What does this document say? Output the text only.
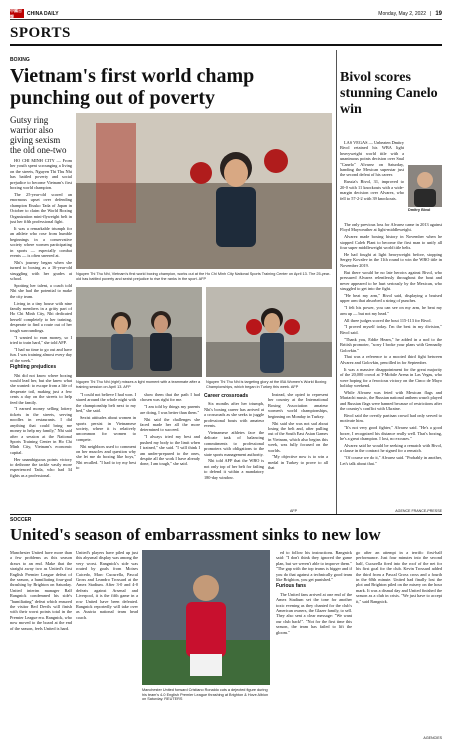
中國日報	CHINA DAILY	Monday, May 2, 2022 | 19
SPORTS
BOXING
Vietnam's first world champ punching out of poverty
Nguyen Thi Thu Nhi, Vietnam's first world boxing champion, works out at the Ho Chi Minh City National Sports Training Center on April 13. The 25-year-old has battled poverty and sexist prejudice to rise the ranks in the sport. AFP
Gutsy ring warrior also giving sexism the old one-two

HO CHI MINH CITY — From her youth spent scrounging a living on the streets, Nguyen Thi Thu Nhi has battled poverty and social prejudice to become Vietnam's first boxing world champion.

The 25-year-old scored an enormous upset over defending champion Etsuko Tada of Japan in October to claim the World Boxing Organization mini-flyweight belt in just her fifth professional fight.

It was a remarkable triumph for an athlete who rose from humble beginnings in a conservative society where women participating in sports — especially combat events — is often sneered at.

Nhi's journey began when she turned to boxing as a 16-year-old struggling with her grades at school.

Spotting her talent, a coach told Nhi she had the potential to make the city team.

Living in a tiny house with nine family members in a gritty part of Ho Chi Minh City, Nhi dedicated herself completely to her training, desperate to find a route out of her tough surroundings.

"I wanted to earn money, so I tried to train hard," she told AFP.

"I had no time to go out and have fun. I was training almost every day of the week."

Fighting prejudices

Nhi did not know where boxing would lead her, but she knew what she wanted: to escape from a life of desperate toil, making just a few cents a day on the streets to help feed the family.

"I earned money selling lottery tickets in the streets, serving noodles in restaurants. I did anything that could bring me money to help my family," Nhi said after a session at the National Sports Training Center in Ho Chi Minh City, Vietnam's economic capital.

Her unambiguous points victory to dethrone the tackle vastly more experienced Tada, who had 34 fights as a professional.

Nguyen Thi Thu Nhi (right) misses a light moment with a teammate after a training session on April 13. AFP
Nguyen Thi Thu Nhi is targeting glory at the IBA Women's World Boxing Championships, which began in Turkey this week. AFP

"I could not believe I had won. I stared around the whole night with the championship belt next to my bed," she said.

Sexist attitudes about women in sports persist in Vietnamese society, where it is relatively uncommon for women to compete.

Nhi neighbors used to comment on her muscles and question why she let me do boxing like boys," Nhi recalled. "I had to try my best to

show them that the path I had chosen was right for me.

"I am told by things my parents are doing, I was better than them."

Nhi said the challenges she faced made her all the more determined to succeed.

"I always tried my best and pushed my body to the limit when I trained," she said. "I will think I am under-prepared to the ones, despite all the work I have already done, I am tough," she said.

Career crossroads

Six months after her triumph, Nhi's boxing career has arrived at a crossroads as she seeks to juggle professional bouts with amateur events.

Vietnamese athletes face the delicate task of balancing commitments to professional promoters with obligations to the state sports management authority.

Nhi told AFP that the WBO is not only top of her belt for failing to defend it within a mandatory 180-day window.

Instead, she opted to represent her country at the International Boxing Association amateur women's world championships, beginning on Monday in Turkey.

Nhi said she was not sad about losing the belt and, after pulling out of the South East Asian Games in Vietnam, which also begins this week, was fully focused on the worlds.

"My objective now is to win a medal in Turkey to prove to all that

Bivol scores stunning Canelo win
Dmitry Bivol

LAS VEGAS — Unbeaten Dmitry Bivol retained his WBA light heavyweight world title with a unanimous points decision over Saul "Canelo" Alvarez on Saturday, handing the Mexican superstar just the second defeat of his career.

Russia's Bivol, 31, improved to 20-0 with 11 knockouts with a wide-margin decision over Alvarez, who fell to 57-2-2 with 39 knockouts.

The only previous loss for Alvarez came in 2013 against Floyd Mayweather at light-middleweight.

Alvarez made boxing history in November when he stopped Caleb Plant to become the first man to unify all four super middleweight world title belts.

He had fought at light heavyweight before, stopping Sergey Kovalev in the 11th round to win the WBO title in November 2019.

But there would be no late heroics against Bivol, who pressured Alvarez relentlessly throughout the bout and never appeared to be hurt seriously by the Mexican, who struggled to get into the fight.

"He beat my arm," Bivol said, displaying a bruised upper arm that absorbed a string of punches.

"I felt his power, you can see on my arm, he beat my arm up — but not my head."

All three judges scored the bout 115-113 for Bivol.

"I proved myself today. I'm the best in my division," Bivol said.

"Thank you, Eddie Hearn," he added in a nod to the British promoter, "sorry I broke your plans with Gennadiy Golovkin."

That was a reference to a mooted third fight between Alvarez and Golovkin, pencilled in for September.

It was a massive disappointment for the great majority of the 20,000 crowd at T-Mobile Arena in Las Vegas, who were hoping for a ferocious victory on the Cinco de Mayo holiday weekend.

While Alvarez was feted with Mexican flags and Mariachi music, the Russian national anthem wasn't played and Russian flags were banned because of restrictions after the country's conflict with Ukraine.

Bivol said the overtly partisan crowd had only served to motivate him.

"It's not very good fighter," Alvarez said. "He's a good boxer, I recognized his distance really well. That's boxing, he's a great champion. I lost, no excuses."

Alvarez said he would be seeking a rematch with Bivol, a clause in the contract he signed for a rematch.

"Of course we do it," Alvarez said. "Probably in another, Let's talk about that."

AGENCE FRANCE-PRESSE
AFP
SOCCER
United's season of embarrassment sinks to new low
Manchester United have more than a few problems as this season draws to an end. Make that the straight away two as United's first English Premier League defeat of the season, a humiliating four-goal thrashing by Brighton on Saturday. United interim manager Ralf Rangnick condemned his side's "humiliating" defeat which ensured the visitor Red Devils will finish with their worst points total in the Premier League era. Rangnick, who now moved to the board at the end of the season, feels United is hard.
United's players have piled up just this abysmal display was among the very worst. Rangnick's side was routed by goals from Moises Caicedo, Marc Cucurella, Pascal Gross and Leandro Trossard at the Amex Stadium. After 3-0 and 4-0 defeats against Arsenal and Liverpool, it is the fifth game in a row United have been defeated. Rangnick reportedly will take over as Austria national team head coach.
Manchester United forward Cristiano Ronaldo cuts a dejected figure during his team's 4-0 English Premier League thrashing at Brighton & Hove Albion on Saturday. REUTERS

ed to follow his instructions. Rangnick said: "I don't think they ignored the game plan, but we weren't able to improve them." "The gap with the top teams is bigger and if you do that against a technically good team like Brighton, you get punished."

Furious fans

The United fans arrived at one end of the Amex Stadium set the tone for another toxic evening as they chanted for the club's American owners, the Glazer family, to sell. They also sent a clear message: "We want our club back!". "Not for the first time this season, the team has failed to lift the gloom."

go after an attempt in a terrific first-half performance. Just four minutes into the second half, Cucurella fired into the roof of the net for his first goal for the club. Kevin Trossard added the third from a Pascal Gross cross and a fourth in the 60th minute. United had finally lost the plot and Brighton piled on the misery on the hour mark. It was a dismal day and United finished the season as a club in crisis. "We just have to accept it," said Rangnick.
AGENCIES
